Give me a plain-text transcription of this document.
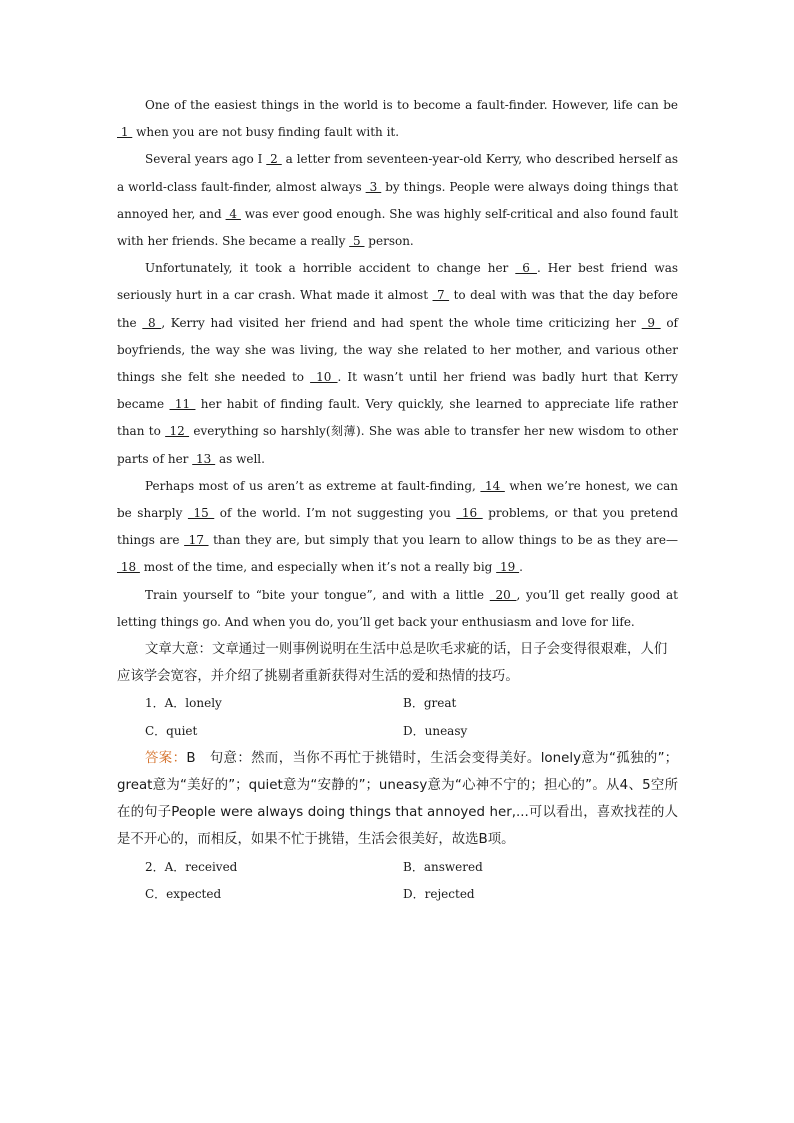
One of the easiest things in the world is to become a fault-finder. However, life can be  1  when you are not busy finding fault with it.

Several years ago I  2  a letter from seventeen-year-old Kerry, who described herself as a world-class fault-finder, almost always  3  by things. People were always doing things that annoyed her, and  4  was ever good enough. She was highly self-critical and also found fault with her friends. She became a really  5  person.

Unfortunately, it took a horrible accident to change her  6 . Her best friend was seriously hurt in a car crash. What made it almost  7  to deal with was that the day before the  8 , Kerry had visited her friend and had spent the whole time criticizing her  9  of boyfriends, the way she was living, the way she related to her mother, and various other things she felt she needed to  10 . It wasn’t until her friend was badly hurt that Kerry became  11  her habit of finding fault. Very quickly, she learned to appreciate life rather than to  12  everything so harshly(刻薄). She was able to transfer her new wisdom to other parts of her  13  as well.

Perhaps most of us aren’t as extreme at fault-finding,  14  when we’re honest, we can be sharply  15  of the world. I’m not suggesting you  16  problems, or that you pretend things are  17  than they are, but simply that you learn to allow things to be as they are—  18  most of the time, and especially when it’s not a really big  19 .

Train yourself to “bite your tongue”, and with a little  20 , you’ll get really good at letting things go. And when you do, you’ll get back your enthusiasm and love for life.

文章大意：文章通过一则事例说明在生活中总是吹毛求疵的话，日子会变得很艰难，人们应该学会宽容，并介绍了挑剔者重新获得对生活的爱和热情的技巧。

1．A．lonely	B．great
C．quiet	D．uneasy

答案：B　句意：然而，当你不再忙于挑错时，生活会变得美好。lonely意为“孤独的”；great意为“美好的”；quiet意为“安静的”；uneasy意为“心神不宁的；担心的”。从4、5空所在的句子People were always doing things that annoyed her,...可以看出，喜欢找茬的人是不开心的，而相反，如果不忙于挑错，生活会很美好，故选B项。

2．A．received	B．answered
C．expected	D．rejected
